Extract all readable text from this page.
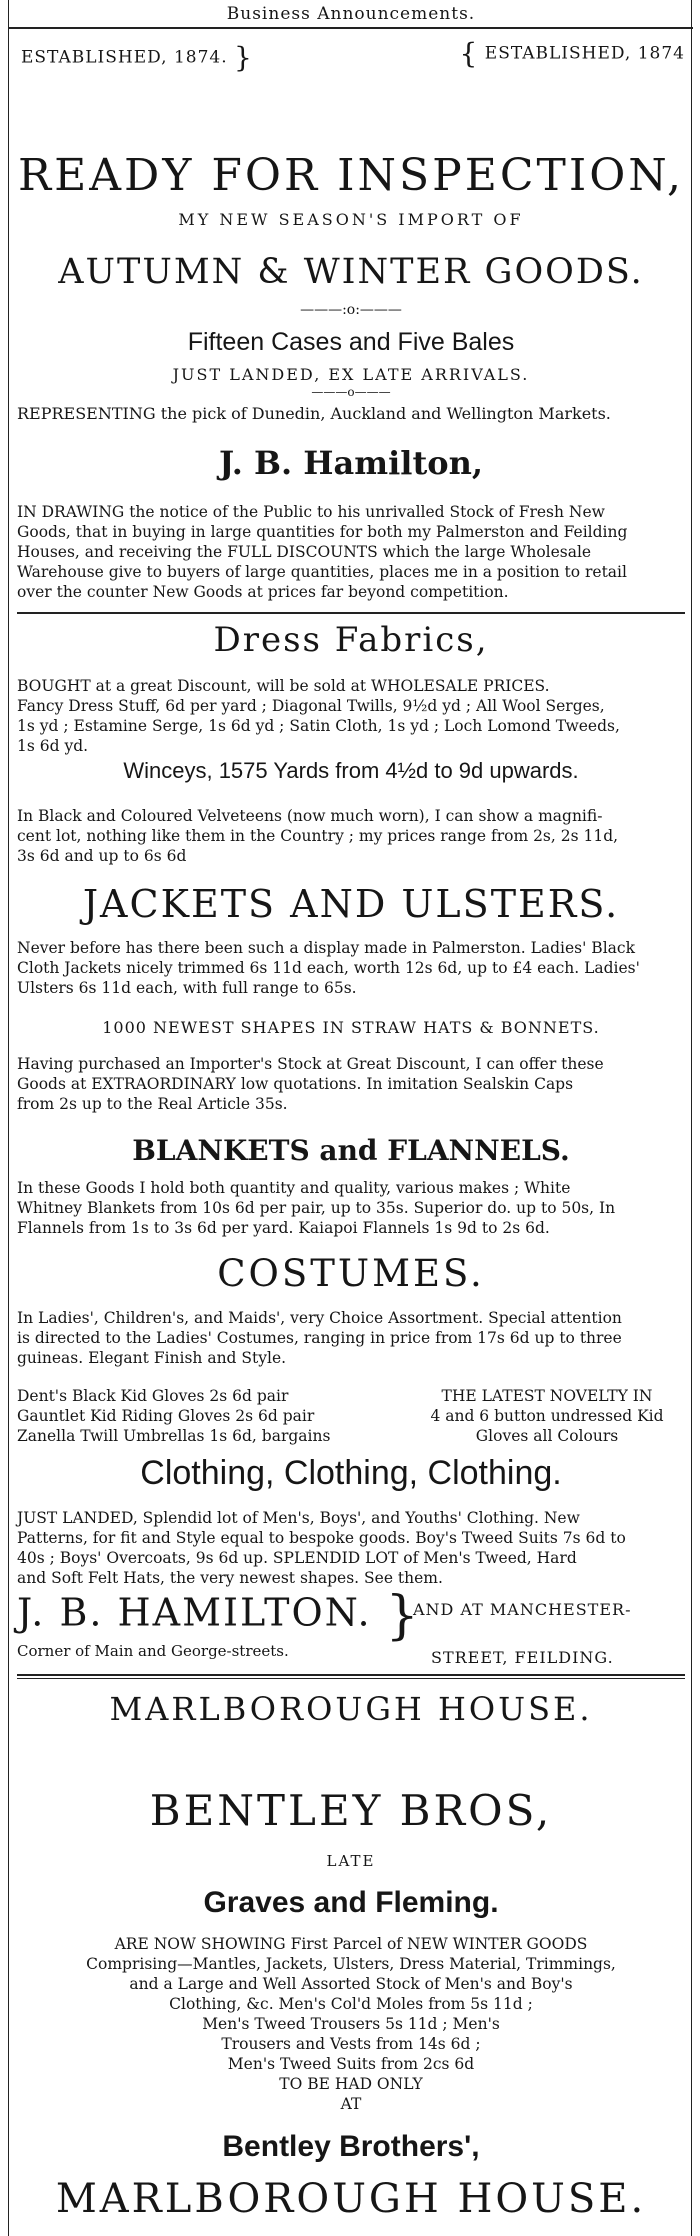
Business Announcements.
ESTABLISHED, 1874. }	{ ESTABLISHED, 1874
READY FOR INSPECTION,
MY NEW SEASON'S IMPORT OF
AUTUMN & WINTER GOODS.
———:o:———
Fifteen Cases and Five Bales
JUST LANDED, EX LATE ARRIVALS.
———o———
REPRESENTING the pick of Dunedin, Auckland and Wellington Markets.
J. B. Hamilton,
IN DRAWING the notice of the Public to his unrivalled Stock of Fresh New
Goods, that in buying in large quantities for both my Palmerston and Feilding
Houses, and receiving the FULL DISCOUNTS which the large Wholesale
Warehouse give to buyers of large quantities, places me in a position to retail
over the counter New Goods at prices far beyond competition.
Dress Fabrics,
BOUGHT at a great Discount, will be sold at WHOLESALE PRICES.
Fancy Dress Stuff, 6d per yard ; Diagonal Twills, 9½d yd ; All Wool Serges,
1s yd ; Estamine Serge, 1s 6d yd ; Satin Cloth, 1s yd ; Loch Lomond Tweeds,
1s 6d yd.
Winceys, 1575 Yards from 4½d to 9d upwards.
In Black and Coloured Velveteens (now much worn), I can show a magnifi-
cent lot, nothing like them in the Country ; my prices range from 2s, 2s 11d,
3s 6d and up to 6s 6d
JACKETS AND ULSTERS.
Never before has there been such a display made in Palmerston. Ladies' Black
Cloth Jackets nicely trimmed 6s 11d each, worth 12s 6d, up to £4 each. Ladies'
Ulsters 6s 11d each, with full range to 65s.
1000 NEWEST SHAPES IN STRAW HATS & BONNETS.
Having purchased an Importer's Stock at Great Discount, I can offer these
Goods at EXTRAORDINARY low quotations. In imitation Sealskin Caps
from 2s up to the Real Article 35s.
BLANKETS and FLANNELS.
In these Goods I hold both quantity and quality, various makes ; White
Whitney Blankets from 10s 6d per pair, up to 35s. Superior do. up to 50s, In
Flannels from 1s to 3s 6d per yard. Kaiapoi Flannels 1s 9d to 2s 6d.
COSTUMES.
In Ladies', Children's, and Maids', very Choice Assortment. Special attention
is directed to the Ladies' Costumes, ranging in price from 17s 6d up to three
guineas. Elegant Finish and Style.
Dent's Black Kid Gloves 2s 6d pair
Gauntlet Kid Riding Gloves 2s 6d pair
Zanella Twill Umbrellas 1s 6d, bargains
THE LATEST NOVELTY IN
4 and 6 button undressed Kid
Gloves all Colours
Clothing, Clothing, Clothing.
JUST LANDED, Splendid lot of Men's, Boys', and Youths' Clothing. New
Patterns, for fit and Style equal to bespoke goods. Boy's Tweed Suits 7s 6d to
40s ; Boys' Overcoats, 9s 6d up. SPLENDID LOT of Men's Tweed, Hard
and Soft Felt Hats, the very newest shapes. See them.
J. B. HAMILTON. }
Corner of Main and George-streets.
AND AT MANCHESTER-
STREET, FEILDING.
MARLBOROUGH HOUSE.
BENTLEY BROS,
LATE
Graves and Fleming.
ARE NOW SHOWING First Parcel of NEW WINTER GOODS
Comprising—Mantles, Jackets, Ulsters, Dress Material, Trimmings,
and a Large and Well Assorted Stock of Men's and Boy's
Clothing, &c. Men's Col'd Moles from 5s 11d ;
Men's Tweed Trousers 5s 11d ; Men's
Trousers and Vests from 14s 6d ;
Men's Tweed Suits from 2cs 6d
TO BE HAD ONLY
AT
Bentley Brothers',
MARLBOROUGH HOUSE.
